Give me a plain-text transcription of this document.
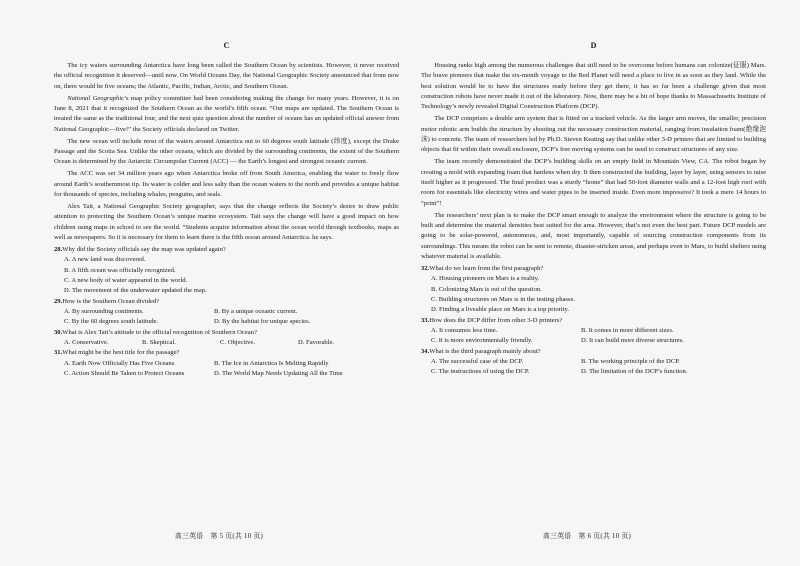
C
The icy waters surrounding Antarctica have long been called the Southern Ocean by scientists. However, it never received the official recognition it deserved—until now. On World Oceans Day, the National Geographic Society announced that from now on, there would be five oceans; the Atlantic, Pacific, Indian, Arctic, and Southern Ocean.
National Geographic’s map policy committee had been considering making the change for many years. However, it is on June 8, 2021 that it recognized the Southern Ocean as the world’s fifth ocean. “Our maps are updated. The Southern Ocean is treated the same as the traditional four, and the next quiz question about the number of oceans has an updated official answer from National Geographic—five!” the Society officials declared on Twitter.
The new ocean will include most of the waters around Antarctica out to 60 degrees south latitude (纬度), except the Drake Passage and the Scotia Sea. Unlike the other oceans, which are divided by the surrounding continents, the extent of the Southern Ocean is determined by the Antarctic Circumpolar Current (ACC) — the Earth’s longest and strongest oceanic current.
The ACC was set 34 million years ago when Antarctica broke off from South America, enabling the water to freely flow around Earth’s southernmost tip. Its water is colder and less salty than the ocean waters to the north and provides a unique habitat for thousands of species, including whales, penguins, and seals.
Alex Tait, a National Geographic Society geographer, says that the change reflects the Society’s desire to draw public attention to protecting the Southern Ocean’s unique marine ecosystem. Tait says the change will have a good impact on how children using maps in school to see the world. “Students acquire information about the ocean world through textbooks, maps as well as newspapers. So it is necessary for them to learn there is the fifth ocean around Antarctica. he says.
28.Why did the Society officials say the map was updated again?
A. A new land was discovered.
B. A fifth ocean was officially recognized.
C. A new body of water appeared in the world.
D. The movement of the underwater updated the map.
29.How is the Southern Ocean divided?
A. By surrounding continents.	B. By a unique oceanic current.
C. By the 60 degrees south latitude.	D. By the habitat for unique species.
30.What is Alex Tait’s attitude to the official recognition of Southern Ocean?
A. Conservative.	B. Skeptical.	C. Objective.	D. Favorable.
31.What might be the best title for the passage?
A. Earth Now Officially Has Five Oceans	B. The Ice in Antarctica Is Melting Rapidly
C. Action Should Be Taken to Protect Oceans	D. The World Map Needs Updating All the Time
D
Housing ranks high among the numerous challenges that still need to be overcome before humans can colonize(征服) Mars. The brave pioneers that make the six-month voyage to the Red Planet will need a place to live in as soon as they land. While the best solution would be to have the structures ready before they get there, it has so far been a challenge given that most construction robots have never made it out of the laboratory. Now, there may be a bit of hope thanks to Massachusetts Institute of Technology’s newly revealed Digital Construction Platform (DCP).
The DCP comprises a double arm system that is fitted on a tracked vehicle. As the larger arm moves, the smaller, precision motor robotic arm builds the structure by shooting out the necessary construction material, ranging from insulation foam(绝缘泡沫) to concrete. The team of researchers led by Ph.D. Steven Keating say that unlike other 3-D printers that are limited to building objects that fit within their overall enclosure, DCP’s free moving systems can be used to construct structures of any size.
The team recently demonstrated the DCP’s building skills on an empty field in Mountain View, CA. The robot began by creating a mold with expanding foam that hardens when dry. It then constructed the building, layer by layer, using sensors to raise itself higher as it progressed. The final product was a sturdy “home” that had 50-foot diameter walls and a 12-foot high roof with room for essentials like electricity wires and water pipes to be inserted inside. Even more impressive? It took a mere 14 hours to “print”!
The researchers’ next plan is to make the DCP smart enough to analyze the environment where the structure is going to be built and determine the material densities best suited for the area. However, that’s not even the best part. Future DCP models are going to be solar-powered, autonomous, and, most importantly, capable of sourcing construction components from its surroundings. This means the robot can be sent to remote, disaster-stricken areas, and perhaps even to Mars, to build shelters using whatever material is available.
32.What do we learn from the first paragraph?
A. Housing pioneers on Mars is a reality.
B. Colonizing Mars is out of the question.
C. Building structures on Mars is in the testing phases.
D. Finding a liveable place on Mars is a top priority.
33.How does the DCP differ from other 3-D printers?
A. It consumes less time.	B. It comes in more different sizes.
C. It is more environmentally friendly.	D. It can build more diverse structures.
34.What is the third paragraph mainly about?
A. The successful case of the DCP.	B. The working principle of the DCP.
C. The instructions of using the DCP.	D. The limitation of the DCP’s function.
高三英语　第 5 页(共 10 页)	高三英语　第 6 页(共 10 页)
